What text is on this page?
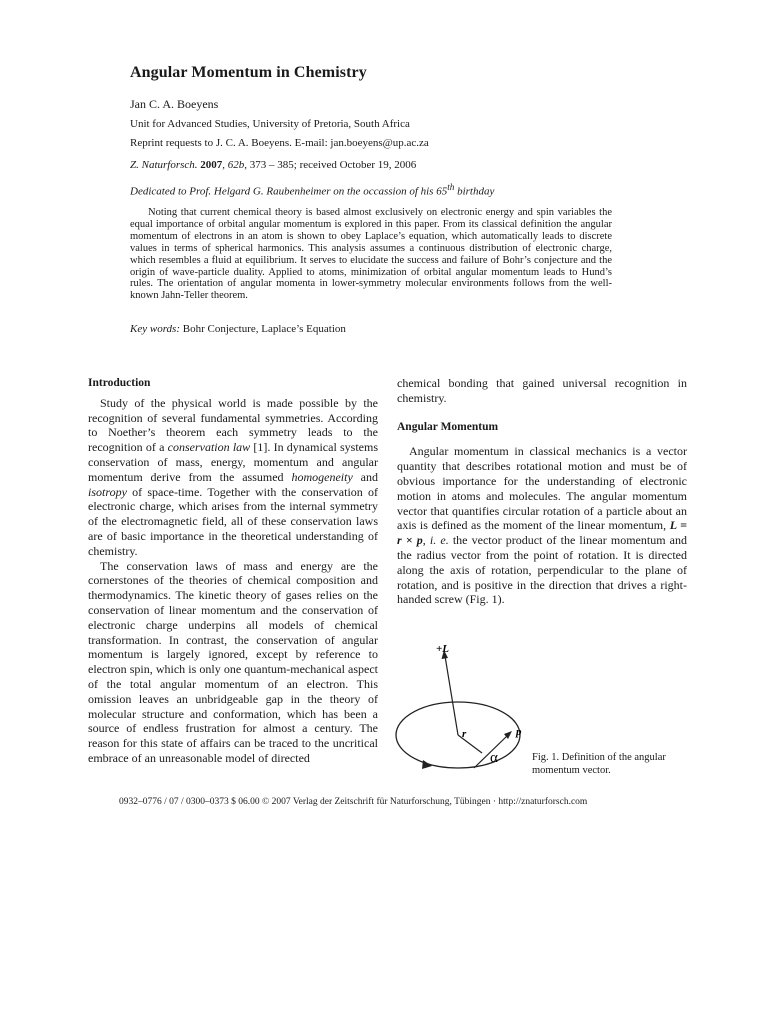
Angular Momentum in Chemistry
Jan C. A. Boeyens
Unit for Advanced Studies, University of Pretoria, South Africa
Reprint requests to J. C. A. Boeyens. E-mail: jan.boeyens@up.ac.za
Z. Naturforsch. 2007, 62b, 373 – 385; received October 19, 2006
Dedicated to Prof. Helgard G. Raubenheimer on the occassion of his 65th birthday
Noting that current chemical theory is based almost exclusively on electronic energy and spin variables the equal importance of orbital angular momentum is explored in this paper. From its classical definition the angular momentum of electrons in an atom is shown to obey Laplace’s equation, which automatically leads to discrete values in terms of spherical harmonics. This analysis assumes a continuous distribution of electronic charge, which resembles a fluid at equilibrium. It serves to elucidate the success and failure of Bohr’s conjecture and the origin of wave-particle duality. Applied to atoms, minimization of orbital angular momentum leads to Hund’s rules. The orientation of angular momenta in lower-symmetry molecular environments follows from the well-known Jahn-Teller theorem.
Key words: Bohr Conjecture, Laplace’s Equation

Introduction

Study of the physical world is made possible by the recognition of several fundamental symmetries. According to Noether’s theorem each symmetry leads to the recognition of a conservation law [1]. In dynamical systems conservation of mass, energy, momentum and angular momentum derive from the assumed homogeneity and isotropy of space-time. Together with the conservation of electronic charge, which arises from the internal symmetry of the electromagnetic field, all of these conservation laws are of basic importance in the theoretical understanding of chemistry.

The conservation laws of mass and energy are the cornerstones of the theories of chemical composition and thermodynamics. The kinetic theory of gases relies on the conservation of linear momentum and the conservation of electronic charge underpins all models of chemical transformation. In contrast, the conservation of angular momentum is largely ignored, except by reference to electron spin, which is only one quantum-mechanical aspect of the total angular momentum of an electron. This omission leaves an unbridgeable gap in the theory of molecular structure and conformation, which has been a source of endless frustration for almost a century. The reason for this state of affairs can be traced to the uncritical embrace of an unreasonable model of directed

chemical bonding that gained universal recognition in chemistry.

Angular Momentum

Angular momentum in classical mechanics is a vector quantity that describes rotational motion and must be of obvious importance for the understanding of electronic motion in atoms and molecules. The angular momentum vector that quantifies circular rotation of a particle about an axis is defined as the moment of the linear momentum, L = r × p, i. e. the vector product of the linear momentum and the radius vector from the point of rotation. It is directed along the axis of rotation, perpendicular to the plane of rotation, and is positive in the direction that drives a right-handed screw (Fig. 1).

+L
r	p
α	Fig. 1. Definition of the angular momentum vector.
0932–0776 / 07 / 0300–0373 $ 06.00 © 2007 Verlag der Zeitschrift für Naturforschung, Tübingen · http://znaturforsch.com
